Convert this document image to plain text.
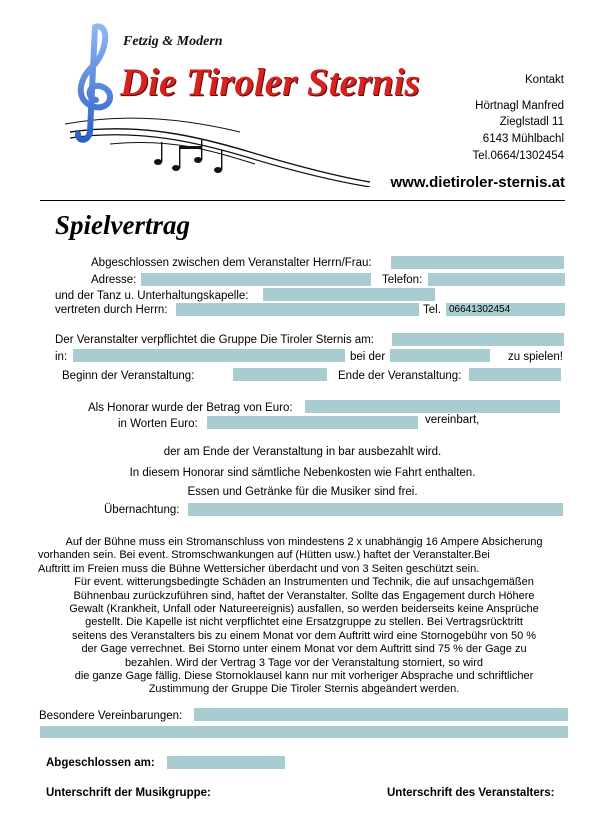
Fetzig & Modern
Die Tiroler Sternis	Kontakt
Hörtnagl Manfred
Zieglstadl 11
6143 Mühlbachl
Tel.0664/1302454
www.dietiroler-sternis.at
Spielvertrag
Abgeschlossen zwischen dem Veranstalter Herrn/Frau:
Adresse:	Telefon:
und der Tanz u. Unterhaltungskapelle:
vertreten durch Herrn:	Tel. 06641302454
Der Veranstalter verpflichtet die Gruppe Die Tiroler Sternis am:
in:	bei der	zu spielen!
Beginn der Veranstaltung:	Ende der Veranstaltung:
Als Honorar wurde der Betrag von Euro:
in Worten Euro:	vereinbart,
der am Ende der Veranstaltung in bar ausbezahlt wird.
In diesem Honorar sind sämtliche Nebenkosten wie Fahrt enthalten.
Essen und Getränke für die Musiker sind frei.
Übernachtung:
Auf der Bühne muss ein Stromanschluss von mindestens 2 x unabhängig 16 Ampere Absicherung
vorhanden sein. Bei event. Stromschwankungen auf (Hütten usw.) haftet der Veranstalter.Bei
Auftritt im Freien muss die Bühne Wettersicher überdacht und von 3 Seiten geschützt sein.
Für event. witterungsbedingte Schäden an Instrumenten und Technik, die auf unsachgemäßen
Bühnenbau zurückzuführen sind, haftet der Veranstalter. Sollte das Engagement durch Höhere
Gewalt (Krankheit, Unfall oder Natureereignis) ausfallen, so werden beiderseits keine Ansprüche
gestellt. Die Kapelle ist nicht verpflichtet eine Ersatzgruppe zu stellen. Bei Vertragsrücktritt
seitens des Veranstalters bis zu einem Monat vor dem Auftritt wird eine Stornogebühr von 50 %
der Gage verrechnet. Bei Storno unter einem Monat vor dem Auftritt sind 75 % der Gage zu
bezahlen. Wird der Vertrag 3 Tage vor der Veranstaltung storniert, so wird
die ganze Gage fällig. Diese Stornoklausel kann nur mit vorheriger Absprache und schriftlicher
Zustimmung der Gruppe Die Tiroler Sternis abgeändert werden.
Besondere Vereinbarungen:
Abgeschlossen am:
Unterschrift der Musikgruppe:	Unterschrift des Veranstalters:
